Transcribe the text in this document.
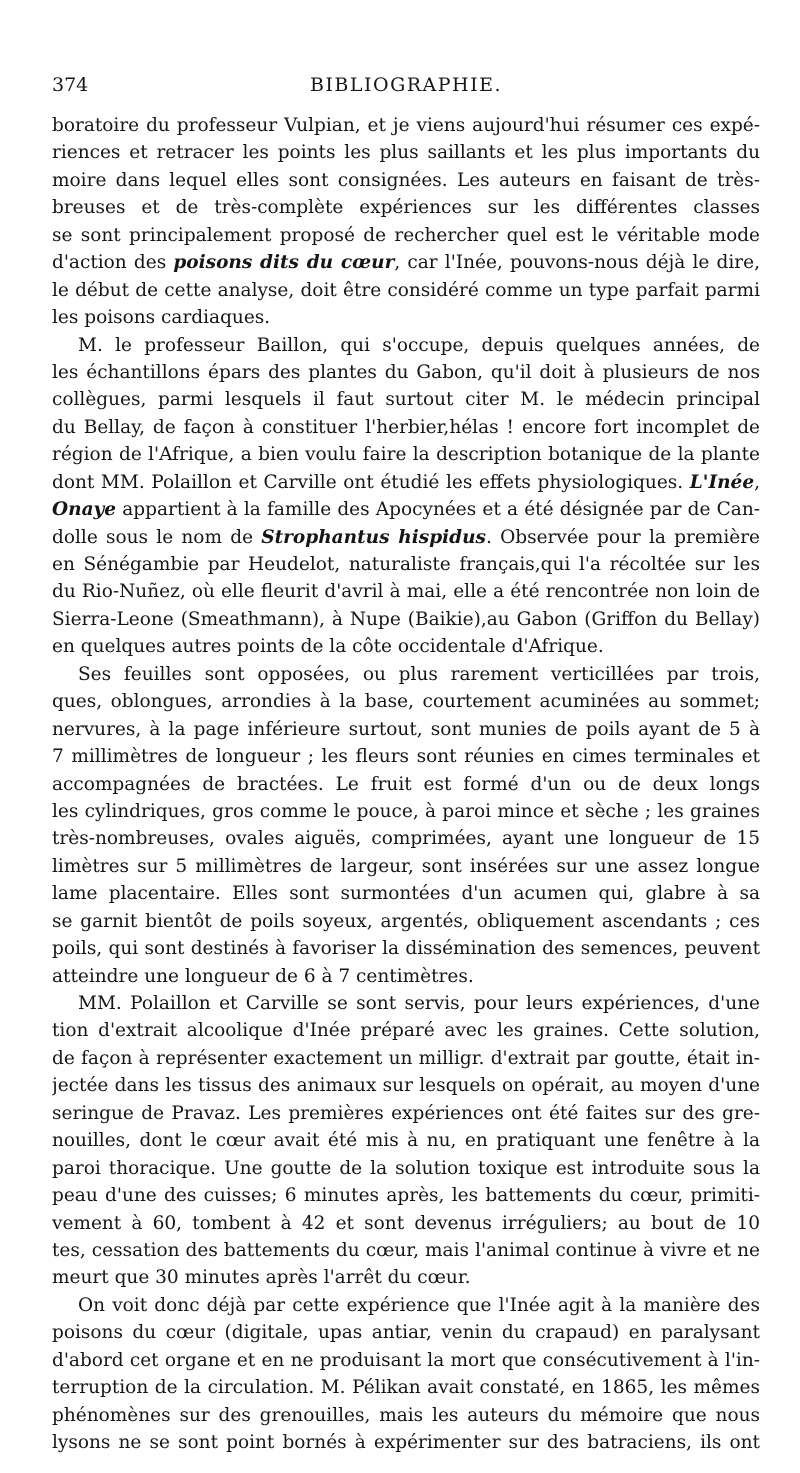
374	BIBLIOGRAPHIE.
boratoire du professeur Vulpian, et je viens aujourd'hui résumer ces expé-
riences et retracer les points les plus saillants et les plus importants du
moire dans lequel elles sont consignées. Les auteurs en faisant de très-
breuses et de très-complète expériences sur les différentes classes
se sont principalement proposé de rechercher quel est le véritable mode
d'action des poisons dits du cœur, car l'Inée, pouvons-nous déjà le dire,
le début de cette analyse, doit être considéré comme un type parfait parmi
les poisons cardiaques.
M. le professeur Baillon, qui s'occupe, depuis quelques années, de
les échantillons épars des plantes du Gabon, qu'il doit à plusieurs de nos
collègues, parmi lesquels il faut surtout citer M. le médecin principal
du Bellay, de façon à constituer l'herbier,hélas ! encore fort incomplet de
région de l'Afrique, a bien voulu faire la description botanique de la plante
dont MM. Polaillon et Carville ont étudié les effets physiologiques. L'Inée,
Onaye appartient à la famille des Apocynées et a été désignée par de Can-
dolle sous le nom de Strophantus hispidus. Observée pour la première
en Sénégambie par Heudelot, naturaliste français,qui l'a récoltée sur les
du Rio-Nuñez, où elle fleurit d'avril à mai, elle a été rencontrée non loin de
Sierra-Leone (Smeathmann), à Nupe (Baikie),au Gabon (Griffon du Bellay)
en quelques autres points de la côte occidentale d'Afrique.
Ses feuilles sont opposées, ou plus rarement verticillées par trois,
ques, oblongues, arrondies à la base, courtement acuminées au sommet;
nervures, à la page inférieure surtout, sont munies de poils ayant de 5 à
7 millimètres de longueur ; les fleurs sont réunies en cimes terminales et
accompagnées de bractées. Le fruit est formé d'un ou de deux longs
les cylindriques, gros comme le pouce, à paroi mince et sèche ; les graines
très-nombreuses, ovales aiguës, comprimées, ayant une longueur de 15
limètres sur 5 millimètres de largeur, sont insérées sur une assez longue
lame placentaire. Elles sont surmontées d'un acumen qui, glabre à sa
se garnit bientôt de poils soyeux, argentés, obliquement ascendants ; ces
poils, qui sont destinés à favoriser la dissémination des semences, peuvent
atteindre une longueur de 6 à 7 centimètres.
MM. Polaillon et Carville se sont servis, pour leurs expériences, d'une
tion d'extrait alcoolique d'Inée préparé avec les graines. Cette solution,
de façon à représenter exactement un milligr. d'extrait par goutte, était in-
jectée dans les tissus des animaux sur lesquels on opérait, au moyen d'une
seringue de Pravaz. Les premières expériences ont été faites sur des gre-
nouilles, dont le cœur avait été mis à nu, en pratiquant une fenêtre à la
paroi thoracique. Une goutte de la solution toxique est introduite sous la
peau d'une des cuisses; 6 minutes après, les battements du cœur, primiti-
vement à 60, tombent à 42 et sont devenus irréguliers; au bout de 10
tes, cessation des battements du cœur, mais l'animal continue à vivre et ne
meurt que 30 minutes après l'arrêt du cœur.
On voit donc déjà par cette expérience que l'Inée agit à la manière des
poisons du cœur (digitale, upas antiar, venin du crapaud) en paralysant
d'abord cet organe et en ne produisant la mort que consécutivement à l'in-
terruption de la circulation. M. Pélikan avait constaté, en 1865, les mêmes
phénomènes sur des grenouilles, mais les auteurs du mémoire que nous
lysons ne se sont point bornés à expérimenter sur des batraciens, ils ont
